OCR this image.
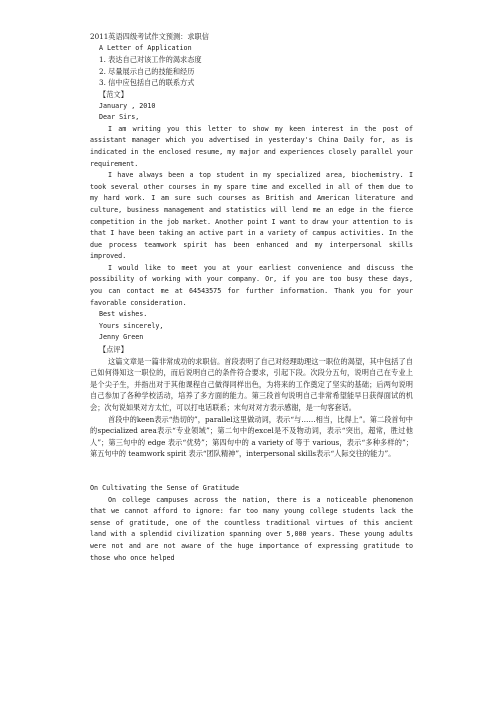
2011英语四级考试作文预测：求职信
A Letter of Application
1. 表达自己对该工作的渴求态度
2. 尽量展示自己的技能和经历
3. 信中应包括自己的联系方式
【范文】
January , 2010
Dear Sirs,
I am writing you this letter to show my keen interest in the post of assistant manager which you advertised in yesterday's China Daily for, as is indicated in the enclosed resume, my major and experiences closely parallel your requirement.
I have always been a top student in my specialized area, biochemistry. I took several other courses in my spare time and excelled in all of them due to my hard work. I am sure such courses as British and American literature and culture, business management and statistics will lend me an edge in the fierce competition in the job market. Another point I want to draw your attention to is that I have been taking an active part in a variety of campus activities. In the due process teamwork spirit has been enhanced and my interpersonal skills improved.
I would like to meet you at your earliest convenience and discuss the possibility of working with your company. Or, if you are too busy these days, you can contact me at 64543575 for further information. Thank you for your favorable consideration.
Best wishes.
Yours sincerely,
Jenny Green
【点评】
这篇文章是一篇非常成功的求职信。首段表明了自己对经理助理这一职位的渴望，其中包括了自己如何得知这一职位的，而后说明自己的条件符合要求，引起下段。次段分五句，说明自己在专业上是个尖子生，并指出对于其他课程自己做得同样出色，为将来的工作奠定了坚实的基础；后两句说明自己参加了各种学校活动，培养了多方面的能力。第三段首句说明自己非常希望能早日获得面试的机会；次句说如果对方太忙，可以打电话联系；末句对对方表示感谢，是一句客套话。
首段中的keen表示“热切的”，parallel这里做动词，表示“与……相当，比得上”。第二段首句中的specialized area表示“专业领域”；第二句中的excel是不及物动词，表示“突出，超常，胜过他人”；第三句中的 edge 表示“优势”；第四句中的 a variety of 等于 various，表示“多种多样的”；第五句中的 teamwork spirit 表示“团队精神”，interpersonal skills表示“人际交往的能力”。
On Cultivating the Sense of Gratitude
On college campuses across the nation, there is a noticeable phenomenon that we cannot afford to ignore: far too many young college students lack the sense of gratitude, one of the countless traditional virtues of this ancient land with a splendid civilization spanning over 5,000 years. These young adults were not and are not aware of the huge importance of expressing gratitude to those who once helped
